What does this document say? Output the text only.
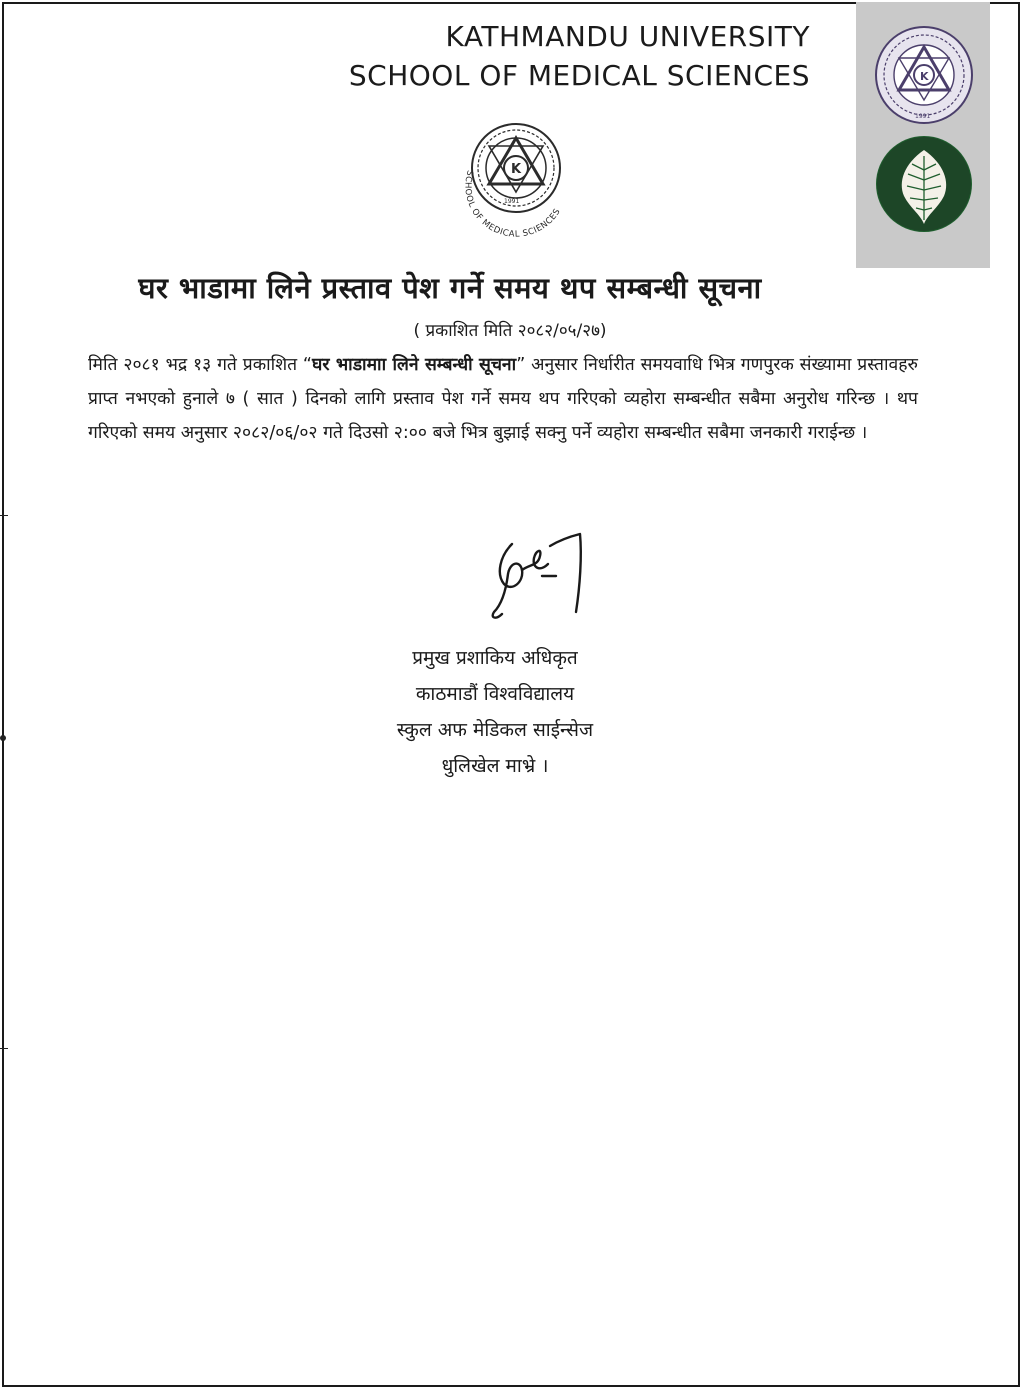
KATHMANDU UNIVERSITY
SCHOOL OF MEDICAL SCIENCES
K
1991
SCHOOL OF MEDICAL SCIENCES
K
1991
घर भाडामा लिने प्रस्ताव पेश गर्ने समय थप सम्बन्धी सूचना
( प्रकाशित मिति २०८२/०५/२७)
मिति २०८१ भद्र १३ गते प्रकाशित “घर भाडामाा लिने सम्बन्धी सूचना” अनुसार निर्धारीत समयवाधि भित्र गणपुरक संख्यामा प्रस्तावहरु प्राप्त नभएको हुनाले ७ ( सात ) दिनको लागि प्रस्ताव पेश गर्ने समय थप गरिएको व्यहोरा सम्बन्धीत सबैमा अनुरोध गरिन्छ । थप गरिएको समय अनुसार २०८२/०६/०२ गते दिउसो २:०० बजे भित्र बुझाई सक्नु पर्ने व्यहोरा सम्बन्धीत सबैमा जनकारी गराईन्छ ।
प्रमुख प्रशाकिय अधिकृत
काठमाडौं विश्वविद्यालय
स्कुल अफ मेडिकल साईन्सेज
धुलिखेल माभ्रे ।
